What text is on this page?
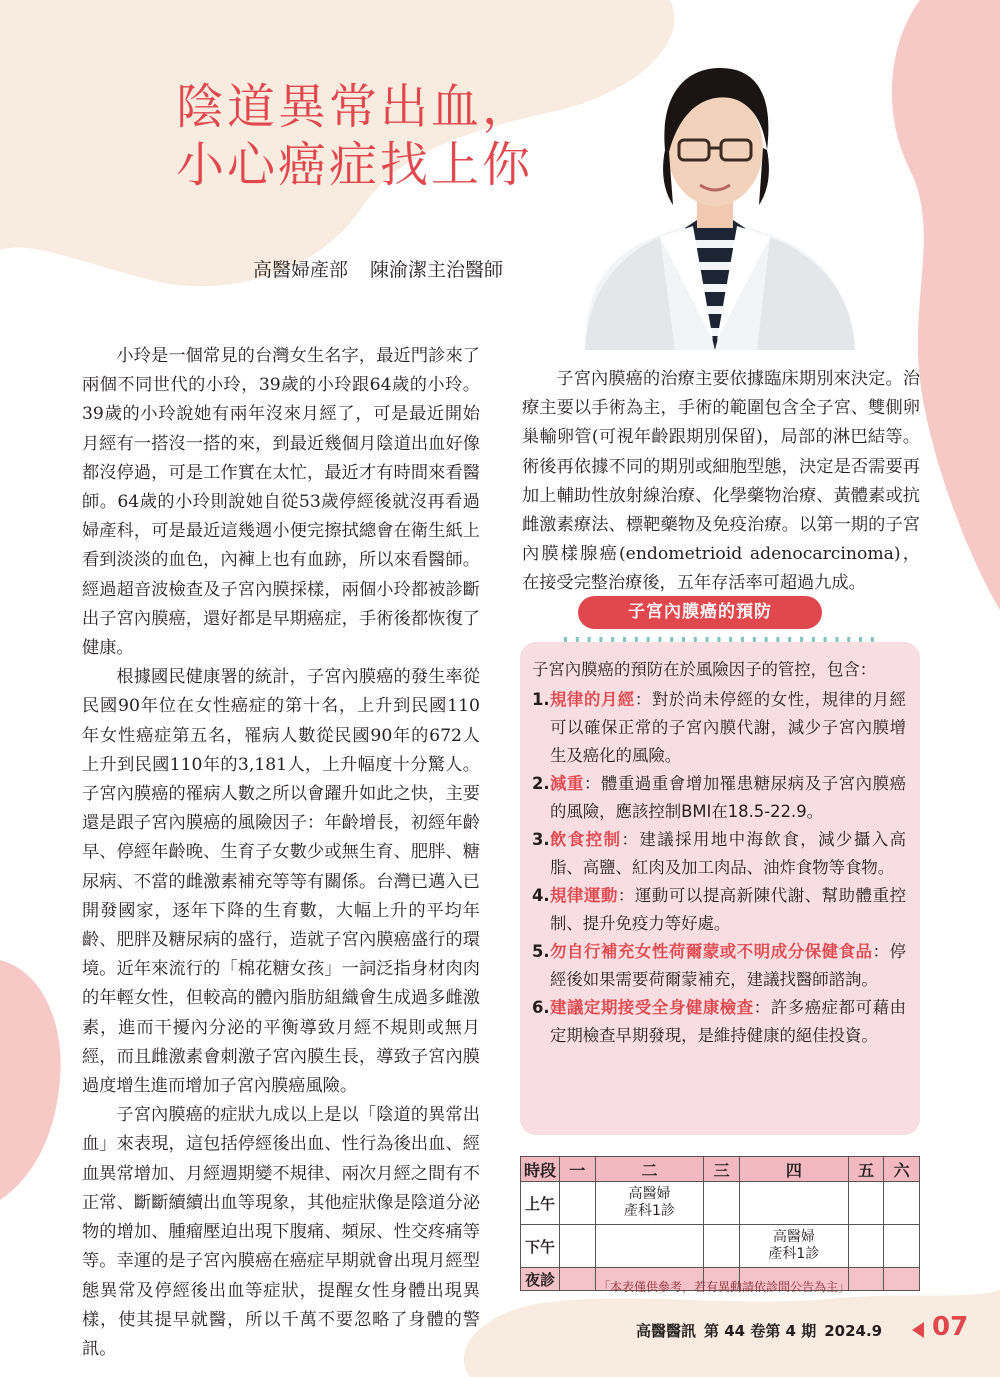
陰道異常出血，
小心癌症找上你
高醫婦產部 陳渝潔主治醫師

小玲是一個常見的台灣女生名字，最近門診來了兩個不同世代的小玲，39歲的小玲跟64歲的小玲。39歲的小玲說她有兩年沒來月經了，可是最近開始月經有一搭沒一搭的來，到最近幾個月陰道出血好像都沒停過，可是工作實在太忙，最近才有時間來看醫師。64歲的小玲則說她自從53歲停經後就沒再看過婦產科，可是最近這幾週小便完擦拭總會在衛生紙上看到淡淡的血色，內褲上也有血跡，所以來看醫師。經過超音波檢查及子宮內膜採樣，兩個小玲都被診斷出子宮內膜癌，還好都是早期癌症，手術後都恢復了健康。

根據國民健康署的統計，子宮內膜癌的發生率從民國90年位在女性癌症的第十名，上升到民國110年女性癌症第五名，罹病人數從民國90年的672人上升到民國110年的3,181人，上升幅度十分驚人。子宮內膜癌的罹病人數之所以會躍升如此之快，主要還是跟子宮內膜癌的風險因子：年齡增長，初經年齡早、停經年齡晚、生育子女數少或無生育、肥胖、糖尿病、不當的雌激素補充等等有關係。台灣已邁入已開發國家，逐年下降的生育數，大幅上升的平均年齡、肥胖及糖尿病的盛行，造就子宮內膜癌盛行的環境。近年來流行的「棉花糖女孩」一詞泛指身材肉肉的年輕女性，但較高的體內脂肪組織會生成過多雌激素，進而干擾內分泌的平衡導致月經不規則或無月經，而且雌激素會刺激子宮內膜生長，導致子宮內膜過度增生進而增加子宮內膜癌風險。

子宮內膜癌的症狀九成以上是以「陰道的異常出血」來表現，這包括停經後出血、性行為後出血、經血異常增加、月經週期變不規律、兩次月經之間有不正常、斷斷續續出血等現象，其他症狀像是陰道分泌物的增加、腫瘤壓迫出現下腹痛、頻尿、性交疼痛等等。幸運的是子宮內膜癌在癌症早期就會出現月經型態異常及停經後出血等症狀，提醒女性身體出現異樣，使其提早就醫，所以千萬不要忽略了身體的警訊。

子宮內膜癌的治療主要依據臨床期別來決定。治療主要以手術為主，手術的範圍包含全子宮、雙側卵巢輸卵管(可視年齡跟期別保留)，局部的淋巴結等。術後再依據不同的期別或細胞型態，決定是否需要再加上輔助性放射線治療、化學藥物治療、黃體素或抗雌激素療法、標靶藥物及免疫治療。以第一期的子宮內膜樣腺癌(endometrioid adenocarcinoma)，在接受完整治療後，五年存活率可超過九成。

子宮內膜癌的預防
子宮內膜癌的預防在於風險因子的管控，包含：
1. 規律的月經：對於尚未停經的女性，規律的月經可以確保正常的子宮內膜代謝，減少子宮內膜增生及癌化的風險。
2. 減重：體重過重會增加罹患糖尿病及子宮內膜癌的風險，應該控制BMI在18.5-22.9。
3. 飲食控制：建議採用地中海飲食，減少攝入高脂、高鹽、紅肉及加工肉品、油炸食物等食物。
4. 規律運動：運動可以提高新陳代謝、幫助體重控制、提升免疫力等好處。
5. 勿自行補充女性荷爾蒙或不明成分保健食品：停經後如果需要荷爾蒙補充，建議找醫師諮詢。
6. 建議定期接受全身健康檢查：許多癌症都可藉由定期檢查早期發現，是維持健康的絕佳投資。
時段	一	二	三	四	五	六
上午		高醫婦
產科1診				
下午				高醫婦
產科1診		
夜診							「本表僅供參考，若有異動請依診間公告為主」
高醫醫訊 第 44 卷第 4 期 2024.9 07
